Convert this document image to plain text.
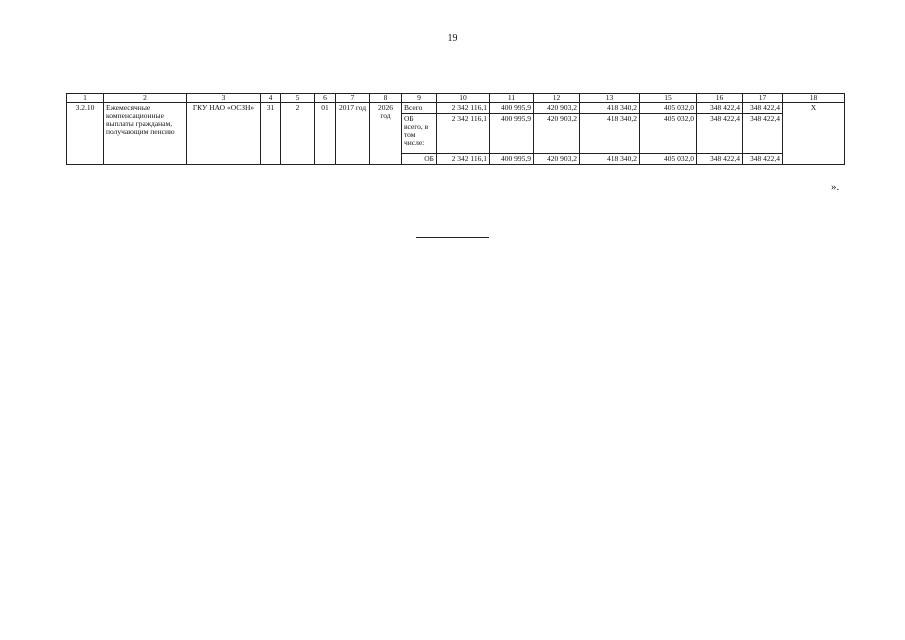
19
1	2	3	4	5	6	7	8	9	10	11	12	13	15	16	17	18
3.2.10	Ежемесячные компенсационные выплаты гражданам, получающим пенсию	ГКУ НАО «ОСЗН»	31	2	01	2017 год	2026 год	Всего	2 342 116,1	400 995,9	420 903,2	418 340,2	405 032,0	348 422,4	348 422,4	Х
								ОБ всего, в том числе:	2 342 116,1	400 995,9	420 903,2	418 340,2	405 032,0	348 422,4	348 422,4	
								ОБ	2 342 116,1	400 995,9	420 903,2	418 340,2	405 032,0	348 422,4	348 422,4	
».
